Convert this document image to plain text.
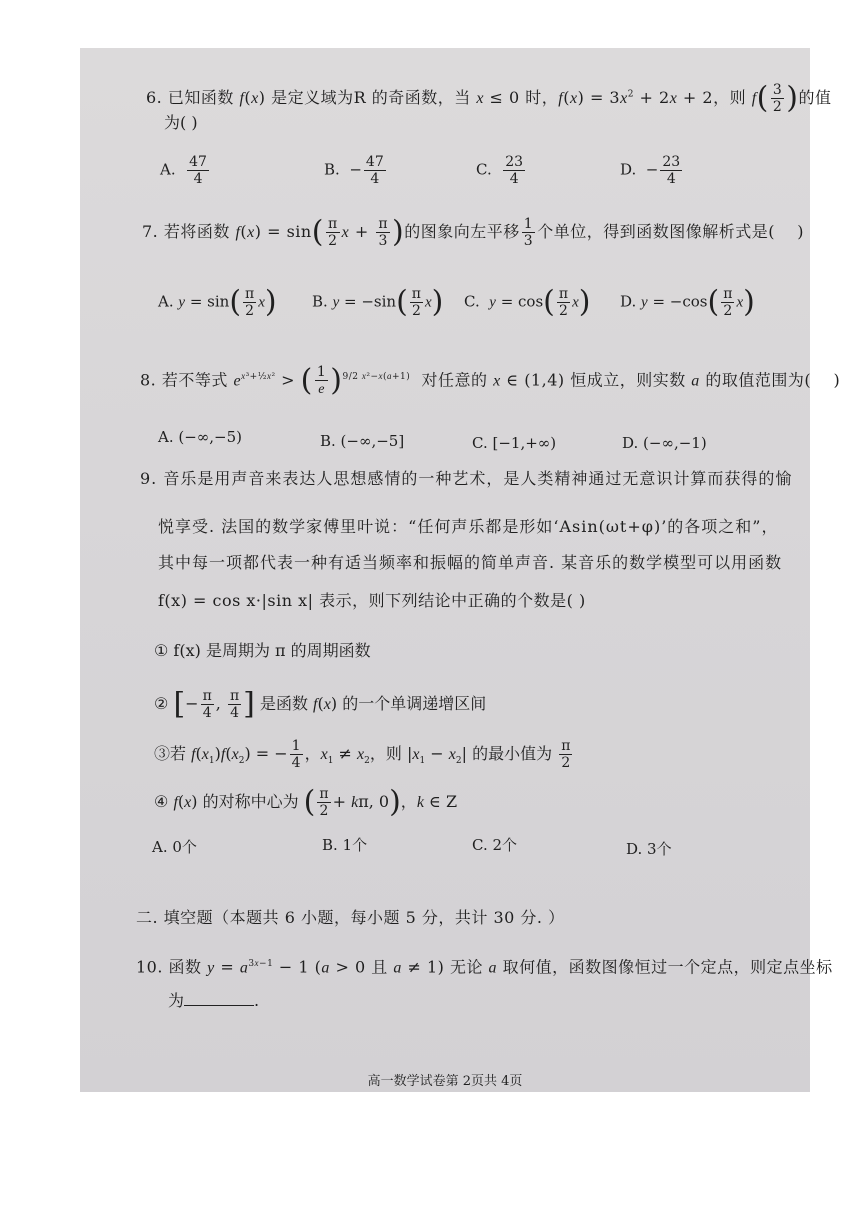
6. 已知函数 f(x) 是定义域为R 的奇函数，当 x ≤ 0 时，$f(x) = 3x^2 + 2x + 2$，则 $f( \frac{3}{2}$ )的值
为( )
A. $\frac{47}{4}$	B.  − $\frac{47}{4}$	C. $\frac{23}{4}$	D.  − $\frac{23}{4}$
7. 若将函数 $f(x) = \sin( \frac{\pi}{2}$ $x + \frac{\pi}{3}$ )的图象向左平移 $\frac{1}{3}$ 个单位，得到函数图像解析式是(    )
A. $y = \sin( \frac{\pi}{2} x)$ B. $y = -\sin( \frac{\pi}{2} x)$ C.  $y = \cos( \frac{\pi}{2} x)$ D. $y = -\cos( \frac{\pi}{2} x)$
8. 若不等式 $e^{x^3+\frac{1}{2}x^2}$ > ( $\frac{1}{e} )^{9/2 x^2-x(a+1)}$  对任意的 x ∈ (1,4) 恒成立，则实数 a 的取值范围为(    )
A. (−∞,−5)	B. (−∞,−5]	C. [−1,+∞)	D. (−∞,−1)
9. 音乐是用声音来表达人思想感情的一种艺术，是人类精神通过无意识计算而获得的愉
悦享受. 法国的数学家傅里叶说：“任何声乐都是形如‘Asin(ωt+φ)’的各项之和”，
其中每一项都代表一种有适当频率和振幅的简单声音. 某音乐的数学模型可以用函数
f(x) = cos x·|sin x| 表示，则下列结论中正确的个数是( )
① f(x) 是周期为 π 的周期函数
② [− $\frac{\pi}{4}$ , $\frac{\pi}{4}$ ] 是函数 f(x) 的一个单调递增区间
③若 $f(x_1)f(x_2)$ = − $\frac{1}{4}$ ，$x_1 \ne x_2$，则 $|x_1 - x_2|$ 的最小值为 $\frac{\pi}{2}$
④ f(x) 的对称中心为 ( $\frac{\pi}{2} + k\pi$, 0)，k ∈ Z
A. 0个	B. 1个	C. 2个	D. 3个
二. 填空题（本题共 6 小题，每小题 5 分，共计 30 分. ）
10. 函数 $y = a^{3x-1} - 1$ (a > 0 且 a ≠ 1) 无论 a 取何值，函数图像恒过一个定点，则定点坐标
为	.
高一数学试卷第 2页共 4页
